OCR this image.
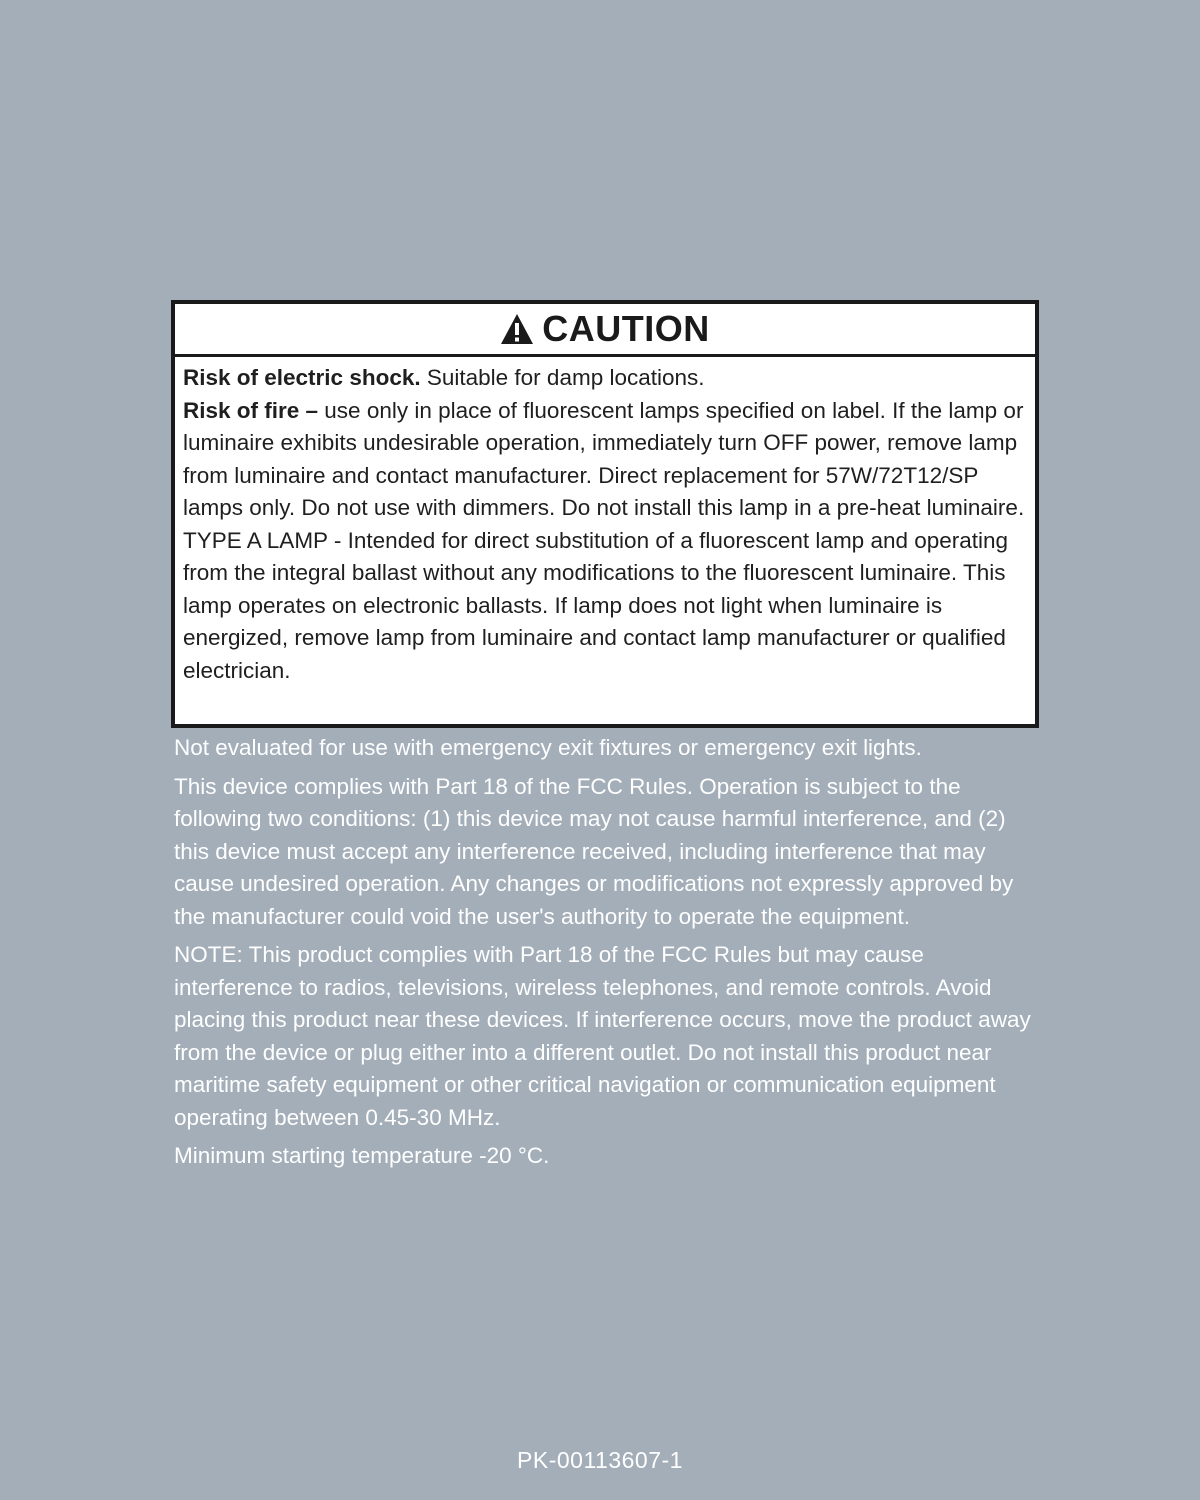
CAUTION

Risk of electric shock. Suitable for damp locations.

Risk of fire – use only in place of fluorescent lamps specified on label. If the lamp or luminaire exhibits undesirable operation, immediately turn OFF power, remove lamp from luminaire and contact manufacturer. Direct replacement for 57W/72T12/SP lamps only. Do not use with dimmers. Do not install this lamp in a pre-heat luminaire. TYPE A LAMP - Intended for direct substitution of a fluorescent lamp and operating from the integral ballast without any modifications to the fluorescent luminaire. This lamp operates on electronic ballasts. If lamp does not light when luminaire is energized, remove lamp from luminaire and contact lamp manufacturer or qualified electrician.

Not evaluated for use with emergency exit fixtures or emergency exit lights.

This device complies with Part 18 of the FCC Rules. Operation is subject to the following two conditions: (1) this device may not cause harmful interference, and (2) this device must accept any interference received, including interference that may cause undesired operation. Any changes or modifications not expressly approved by the manufacturer could void the user's authority to operate the equipment.

NOTE: This product complies with Part 18 of the FCC Rules but may cause interference to radios, televisions, wireless telephones, and remote controls. Avoid placing this product near these devices. If interference occurs, move the product away from the device or plug either into a different outlet. Do not install this product near maritime safety equipment or other critical navigation or communication equipment operating between 0.45-30 MHz.

Minimum starting temperature -20 °C.

PK-00113607-1
